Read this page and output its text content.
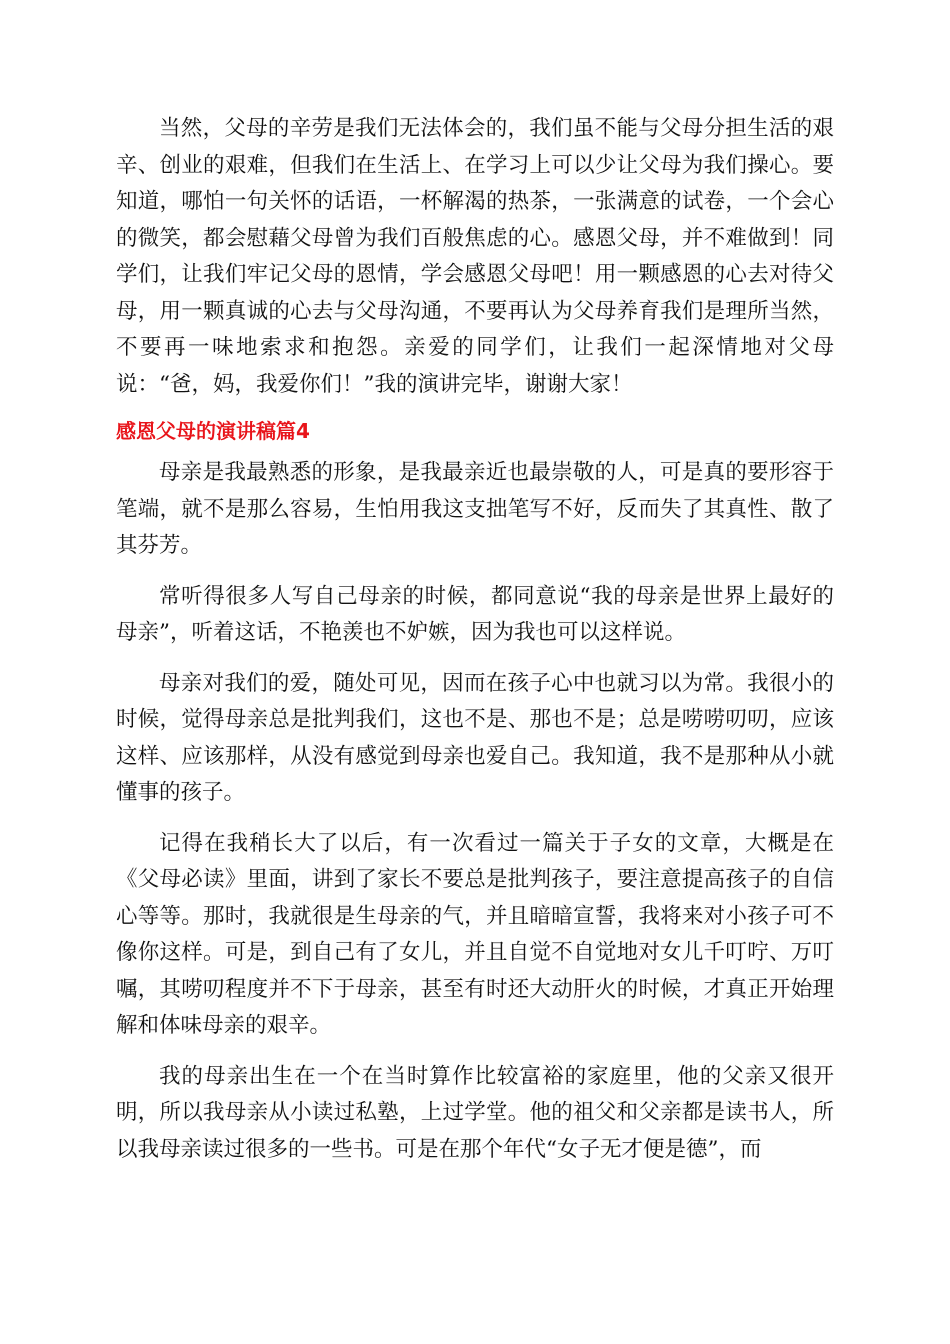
当然，父母的辛劳是我们无法体会的，我们虽不能与父母分担生活的艰辛、创业的艰难，但我们在生活上、在学习上可以少让父母为我们操心。要知道，哪怕一句关怀的话语，一杯解渴的热茶，一张满意的试卷，一个会心的微笑，都会慰藉父母曾为我们百般焦虑的心。感恩父母，并不难做到！同学们，让我们牢记父母的恩情，学会感恩父母吧！用一颗感恩的心去对待父母，用一颗真诚的心去与父母沟通，不要再认为父母养育我们是理所当然，不要再一味地索求和抱怨。亲爱的同学们，让我们一起深情地对父母说：“爸，妈，我爱你们！”我的演讲完毕，谢谢大家！

感恩父母的演讲稿篇4

母亲是我最熟悉的形象，是我最亲近也最崇敬的人，可是真的要形容于笔端，就不是那么容易，生怕用我这支拙笔写不好，反而失了其真性、散了其芬芳。

常听得很多人写自己母亲的时候，都同意说“我的母亲是世界上最好的母亲”，听着这话，不艳羡也不妒嫉，因为我也可以这样说。

母亲对我们的爱，随处可见，因而在孩子心中也就习以为常。我很小的时候，觉得母亲总是批判我们，这也不是、那也不是；总是唠唠叨叨，应该这样、应该那样，从没有感觉到母亲也爱自己。我知道，我不是那种从小就懂事的孩子。

记得在我稍长大了以后，有一次看过一篇关于子女的文章，大概是在《父母必读》里面，讲到了家长不要总是批判孩子，要注意提高孩子的自信心等等。那时，我就很是生母亲的气，并且暗暗宣誓，我将来对小孩子可不像你这样。可是，到自己有了女儿，并且自觉不自觉地对女儿千叮咛、万叮嘱，其唠叨程度并不下于母亲，甚至有时还大动肝火的时候，才真正开始理解和体味母亲的艰辛。

我的母亲出生在一个在当时算作比较富裕的家庭里，他的父亲又很开明，所以我母亲从小读过私塾，上过学堂。他的祖父和父亲都是读书人，所以我母亲读过很多的一些书。可是在那个年代“女子无才便是德”，而
